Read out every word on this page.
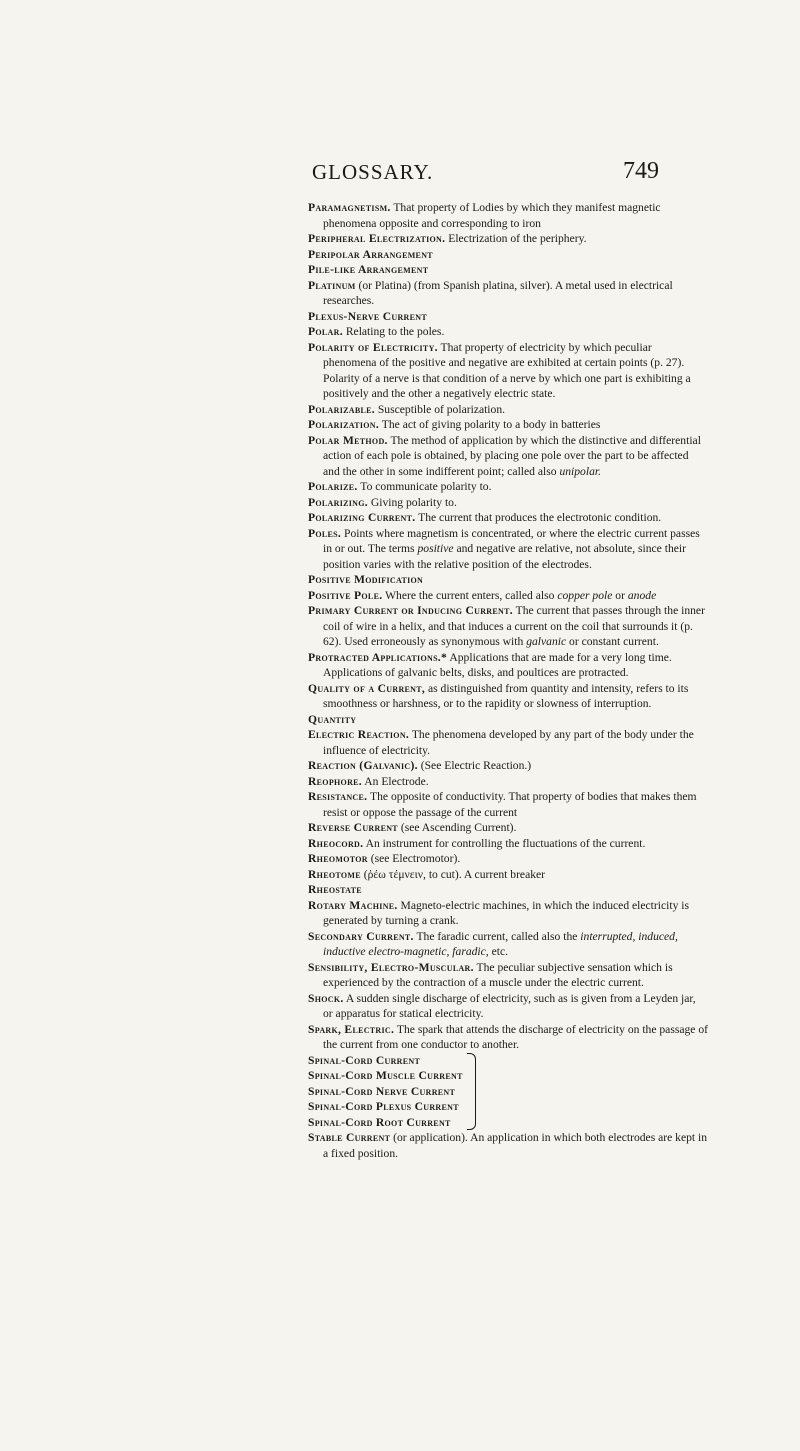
GLOSSARY.	749

Paramagnetism. That property of Lodies by which they manifest magnetic phenomena opposite and corresponding to iron

Peripheral Electrization. Electrization of the periphery.

Peripolar Arrangement

Pile-like Arrangement

Platinum (or Platina) (from Spanish platina, silver). A metal used in electrical researches.

Plexus-Nerve Current

Polar. Relating to the poles.

Polarity of Electricity. That property of electricity by which peculiar phenomena of the positive and negative are exhibited at certain points (p. 27). Polarity of a nerve is that condition of a nerve by which one part is exhibiting a positively and the other a negatively electric state.

Polarizable. Susceptible of polarization.

Polarization. The act of giving polarity to a body in batteries

Polar Method. The method of application by which the distinctive and differential action of each pole is obtained, by placing one pole over the part to be affected and the other in some indifferent point; called also unipolar.

Polarize. To communicate polarity to.

Polarizing. Giving polarity to.

Polarizing Current. The current that produces the electrotonic condition.

Poles. Points where magnetism is concentrated, or where the electric current passes in or out. The terms positive and negative are relative, not absolute, since their position varies with the relative position of the electrodes.

Positive Modification

Positive Pole. Where the current enters, called also copper pole or anode

Primary Current or Inducing Current. The current that passes through the inner coil of wire in a helix, and that induces a current on the coil that surrounds it (p. 62). Used erroneously as synonymous with galvanic or constant current.

Protracted Applications.* Applications that are made for a very long time. Applications of galvanic belts, disks, and poultices are protracted.

Quality of a Current, as distinguished from quantity and intensity, refers to its smoothness or harshness, or to the rapidity or slowness of interruption.

Quantity

Electric Reaction. The phenomena developed by any part of the body under the influence of electricity.

Reaction (Galvanic). (See Electric Reaction.)

Reophore. An Electrode.

Resistance. The opposite of conductivity. That property of bodies that makes them resist or oppose the passage of the current

Reverse Current (see Ascending Current).

Rheocord. An instrument for controlling the fluctuations of the current.

Rheomotor (see Electromotor).

Rheotome (ῥέω τέμνειν, to cut). A current breaker

Rheostate

Rotary Machine. Magneto-electric machines, in which the induced electricity is generated by turning a crank.

Secondary Current. The faradic current, called also the interrupted, induced, inductive electro-magnetic, faradic, etc.

Sensibility, Electro-Muscular. The peculiar subjective sensation which is experienced by the contraction of a muscle under the electric current.

Shock. A sudden single discharge of electricity, such as is given from a Leyden jar, or apparatus for statical electricity.

Spark, Electric. The spark that attends the discharge of electricity on the passage of the current from one conductor to another.

Spinal-Cord Current
Spinal-Cord Muscle Current
Spinal-Cord Nerve Current
Spinal-Cord Plexus Current
Spinal-Cord Root Current

Stable Current (or application). An application in which both electrodes are kept in a fixed position.
